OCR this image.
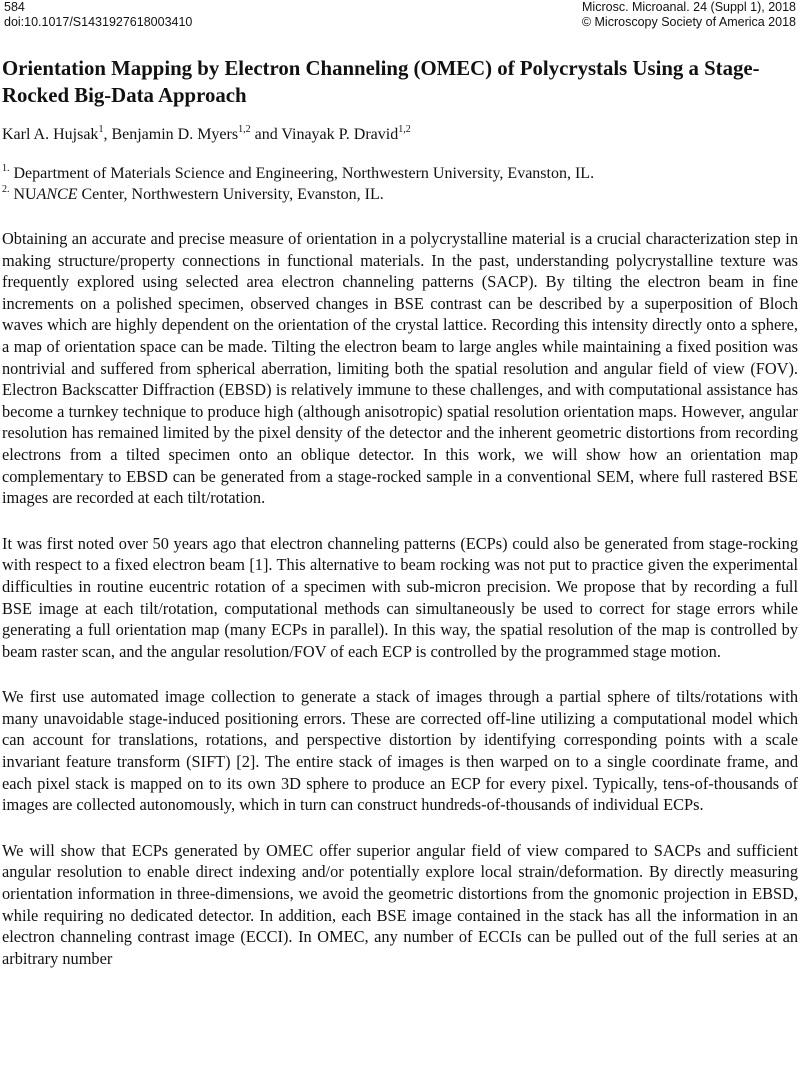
584
doi:10.1017/S1431927618003410
Microsc. Microanal. 24 (Suppl 1), 2018
© Microscopy Society of America 2018
Orientation Mapping by Electron Channeling (OMEC) of Polycrystals Using a Stage-Rocked Big-Data Approach
Karl A. Hujsak$^1$, Benjamin D. Myers$^{1,2}$ and Vinayak P. Dravid$^{1,2}$
$^{1.}$ Department of Materials Science and Engineering, Northwestern University, Evanston, IL.
$^{2.}$ NUANCE Center, Northwestern University, Evanston, IL.

Obtaining an accurate and precise measure of orientation in a polycrystalline material is a crucial characterization step in making structure/property connections in functional materials. In the past, understanding polycrystalline texture was frequently explored using selected area electron channeling patterns (SACP). By tilting the electron beam in fine increments on a polished specimen, observed changes in BSE contrast can be described by a superposition of Bloch waves which are highly dependent on the orientation of the crystal lattice. Recording this intensity directly onto a sphere, a map of orientation space can be made. Tilting the electron beam to large angles while maintaining a fixed position was nontrivial and suffered from spherical aberration, limiting both the spatial resolution and angular field of view (FOV). Electron Backscatter Diffraction (EBSD) is relatively immune to these challenges, and with computational assistance has become a turnkey technique to produce high (although anisotropic) spatial resolution orientation maps. However, angular resolution has remained limited by the pixel density of the detector and the inherent geometric distortions from recording electrons from a tilted specimen onto an oblique detector. In this work, we will show how an orientation map complementary to EBSD can be generated from a stage-rocked sample in a conventional SEM, where full rastered BSE images are recorded at each tilt/rotation.

It was first noted over 50 years ago that electron channeling patterns (ECPs) could also be generated from stage-rocking with respect to a fixed electron beam [1]. This alternative to beam rocking was not put to practice given the experimental difficulties in routine eucentric rotation of a specimen with sub-micron precision. We propose that by recording a full BSE image at each tilt/rotation, computational methods can simultaneously be used to correct for stage errors while generating a full orientation map (many ECPs in parallel). In this way, the spatial resolution of the map is controlled by beam raster scan, and the angular resolution/FOV of each ECP is controlled by the programmed stage motion.

We first use automated image collection to generate a stack of images through a partial sphere of tilts/rotations with many unavoidable stage-induced positioning errors. These are corrected off-line utilizing a computational model which can account for translations, rotations, and perspective distortion by identifying corresponding points with a scale invariant feature transform (SIFT) [2]. The entire stack of images is then warped on to a single coordinate frame, and each pixel stack is mapped on to its own 3D sphere to produce an ECP for every pixel. Typically, tens-of-thousands of images are collected autonomously, which in turn can construct hundreds-of-thousands of individual ECPs.

We will show that ECPs generated by OMEC offer superior angular field of view compared to SACPs and sufficient angular resolution to enable direct indexing and/or potentially explore local strain/deformation. By directly measuring orientation information in three-dimensions, we avoid the geometric distortions from the gnomonic projection in EBSD, while requiring no dedicated detector. In addition, each BSE image contained in the stack has all the information in an electron channeling contrast image (ECCI). In OMEC, any number of ECCIs can be pulled out of the full series at an arbitrary number
